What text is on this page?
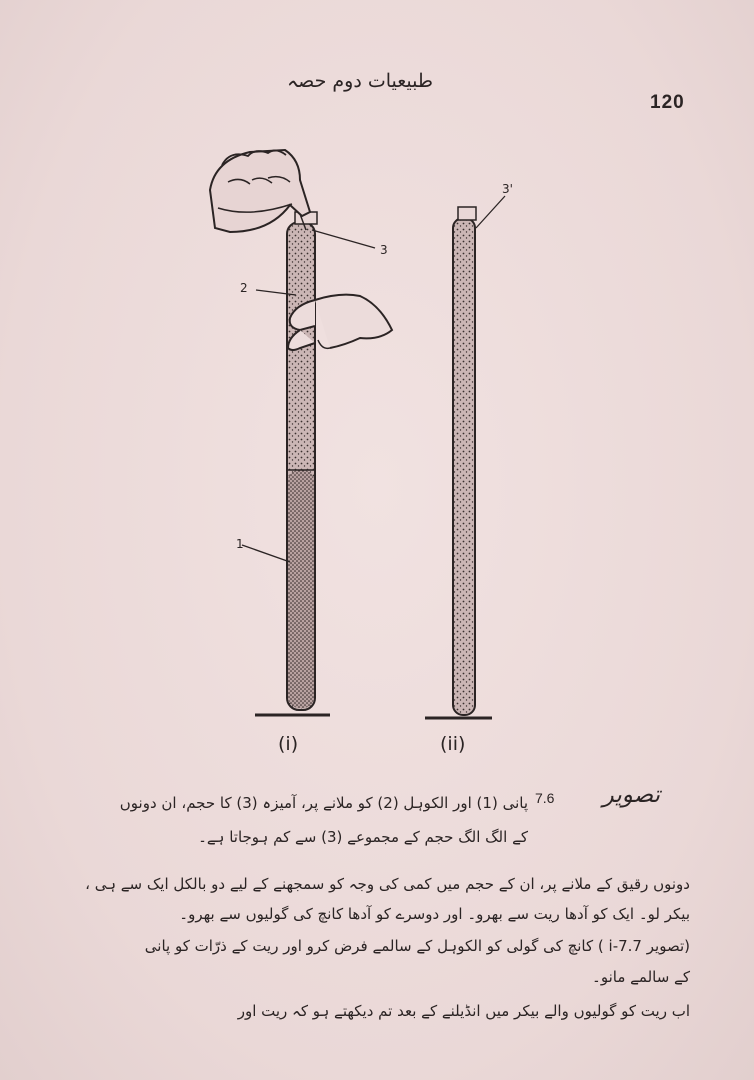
طبیعیات دوم حصہ
120
3
2
1
3'
(i)	(ii)
تصویر
7.6
پانی (1) اور الکوہل (2) کو ملانے پر، آمیزہ (3) کا حجم، ان دونوں
کے الگ الگ حجم کے مجموعے (3) سے کم ہوجاتا ہے۔
دونوں رقیق کے ملانے پر، ان کے حجم میں کمی کی وجہ کو سمجھنے کے لیے دو بالکل ایک سے ہی ،
بیکر لو۔ ایک کو آدھا ریت سے بھرو۔ اور دوسرے کو آدھا کانچ کی گولیوں سے بھرو۔
(تصویر 7.7-i ) کانچ کی گولی کو الکوہل کے سالمے فرض کرو اور ریت کے ذرّات کو پانی
کے سالمے مانو۔
اب ریت کو گولیوں والے بیکر میں انڈیلنے کے بعد تم دیکھتے ہو کہ ریت اور
